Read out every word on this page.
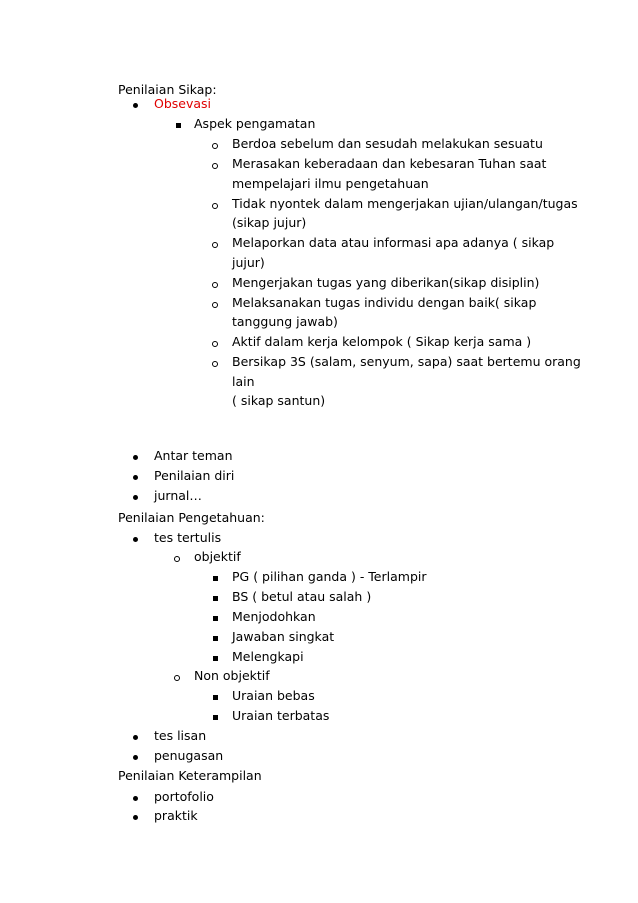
Penilaian Sikap:
Obsevasi
Aspek pengamatan
Berdoa sebelum dan sesudah melakukan sesuatu
Merasakan keberadaan dan kebesaran Tuhan saat
mempelajari ilmu pengetahuan
Tidak nyontek dalam mengerjakan ujian/ulangan/tugas
(sikap jujur)
Melaporkan data atau informasi apa adanya ( sikap
jujur)
Mengerjakan tugas yang diberikan(sikap disiplin)
Melaksanakan tugas individu dengan baik( sikap
tanggung jawab)
Aktif dalam kerja kelompok ( Sikap kerja sama )
Bersikap 3S (salam, senyum, sapa) saat bertemu orang
lain
( sikap santun)
Antar teman
Penilaian diri
jurnal…
Penilaian Pengetahuan:
tes tertulis
objektif
PG ( pilihan ganda ) - Terlampir
BS ( betul atau salah )
Menjodohkan
Jawaban singkat
Melengkapi
Non objektif
Uraian bebas
Uraian terbatas
tes lisan
penugasan
Penilaian Keterampilan
portofolio
praktik
